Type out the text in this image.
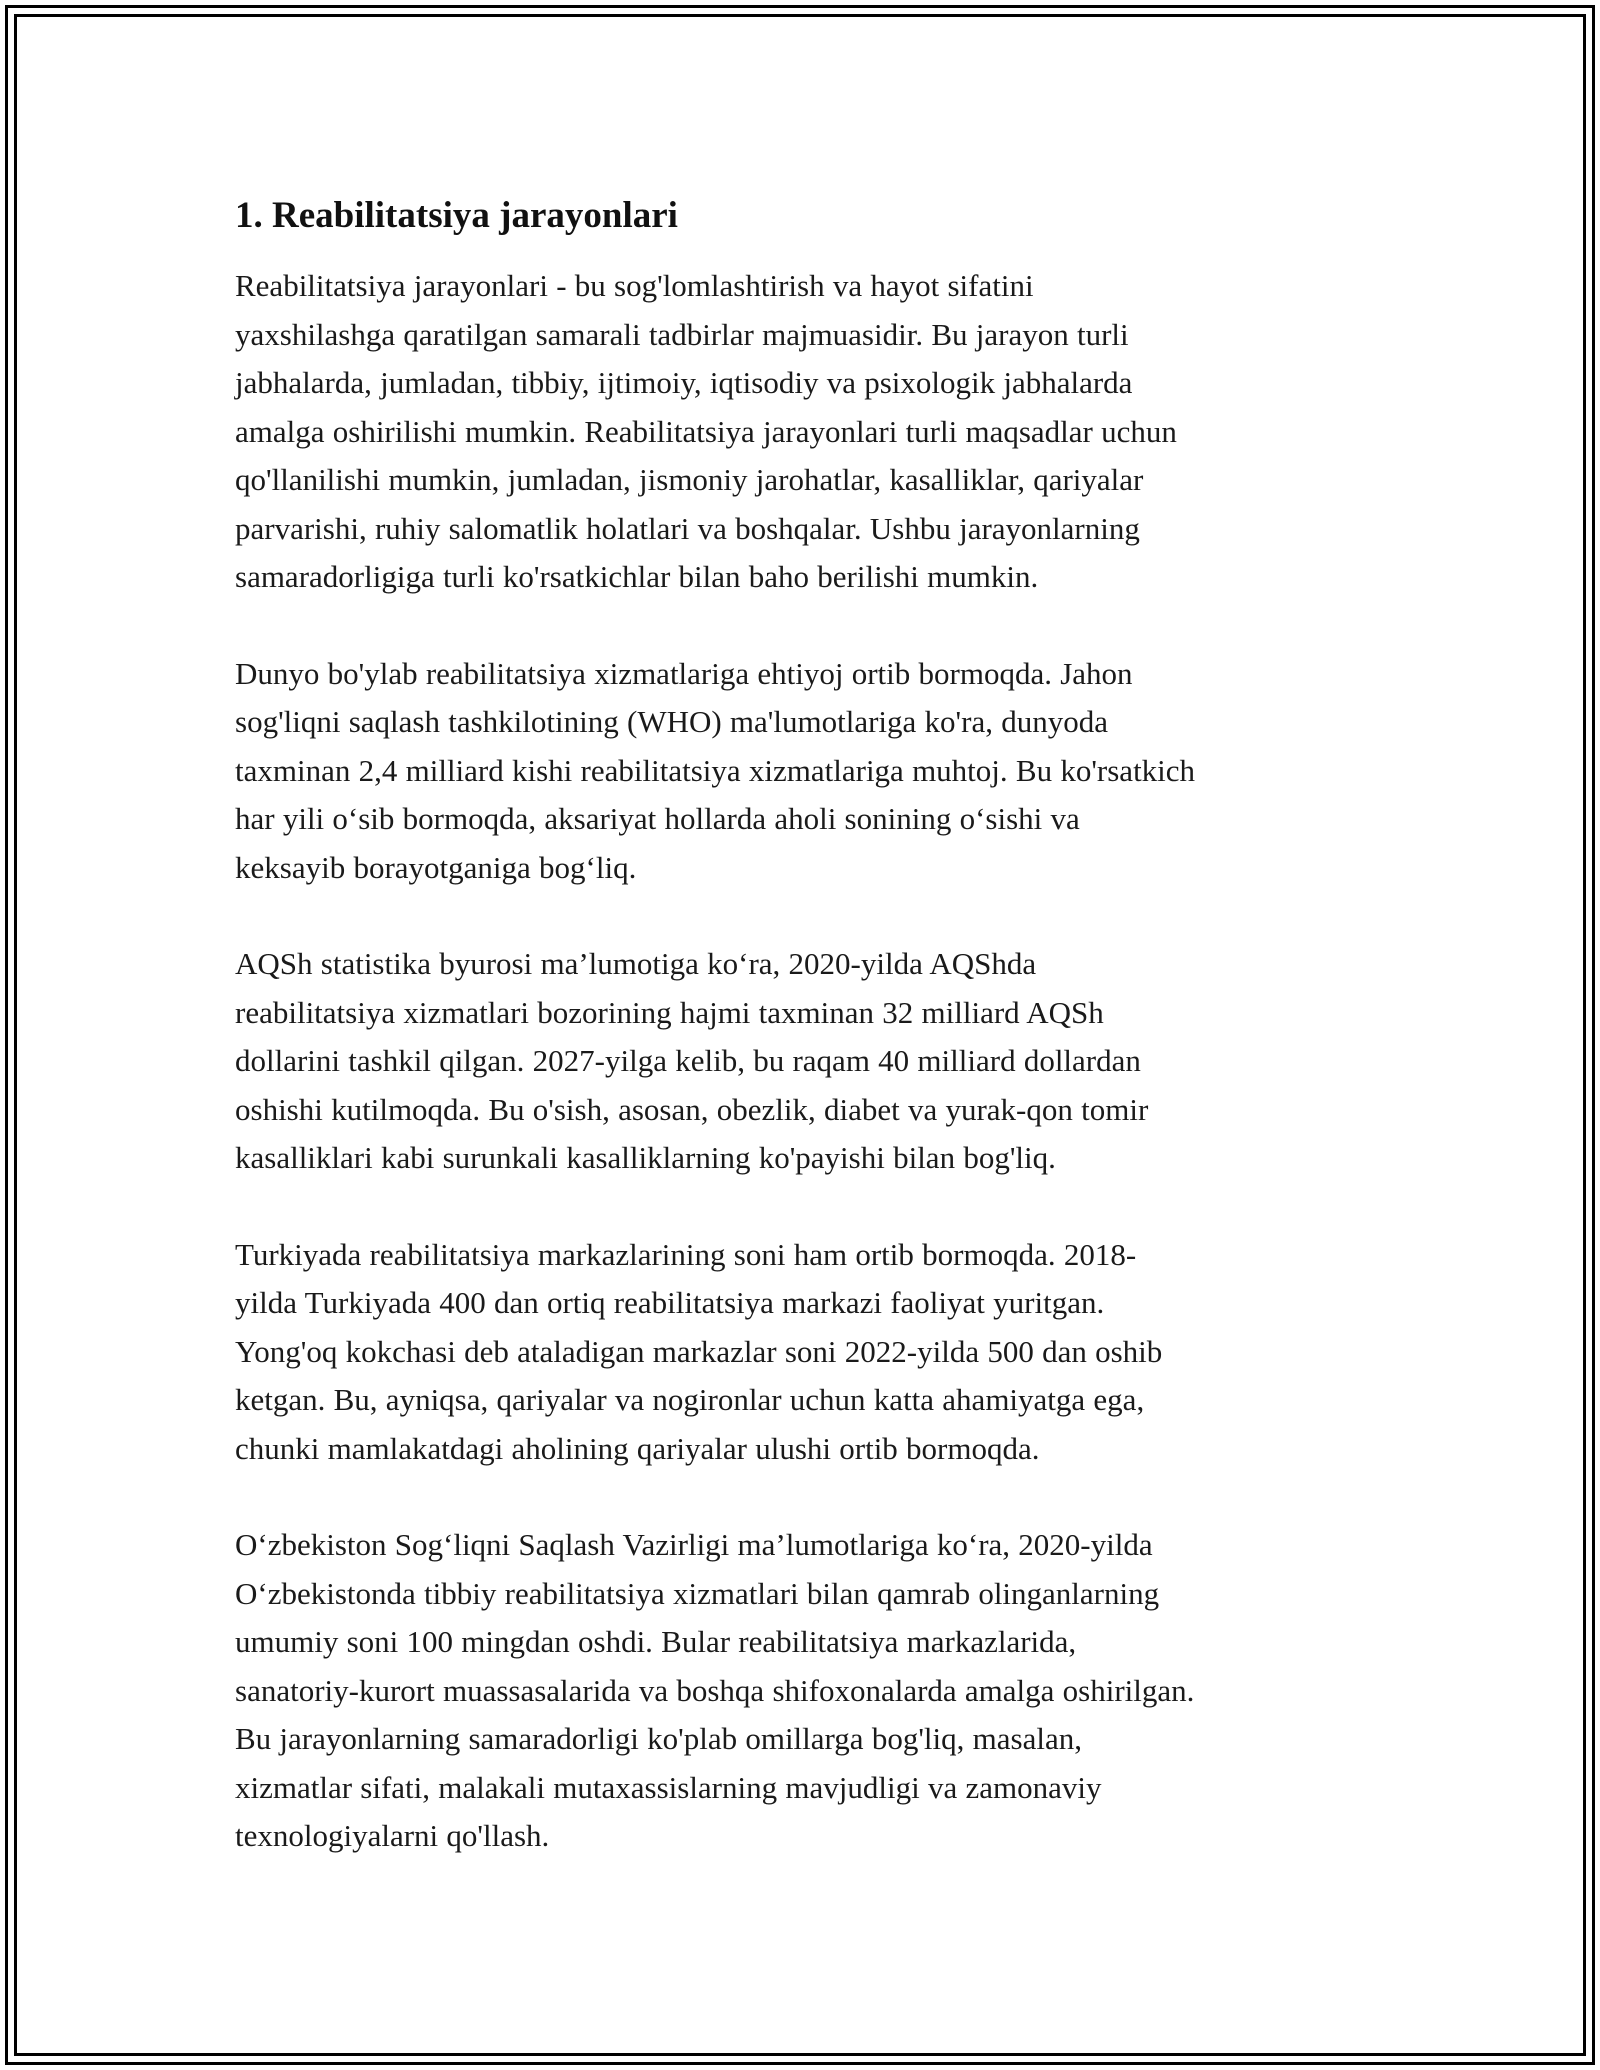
1. Reabilitatsiya jarayonlari

Reabilitatsiya jarayonlari - bu sog'lomlashtirish va hayot sifatini
yaxshilashga qaratilgan samarali tadbirlar majmuasidir. Bu jarayon turli
jabhalarda, jumladan, tibbiy, ijtimoiy, iqtisodiy va psixologik jabhalarda
amalga oshirilishi mumkin. Reabilitatsiya jarayonlari turli maqsadlar uchun
qo'llanilishi mumkin, jumladan, jismoniy jarohatlar, kasalliklar, qariyalar
parvarishi, ruhiy salomatlik holatlari va boshqalar. Ushbu jarayonlarning
samaradorligiga turli ko'rsatkichlar bilan baho berilishi mumkin.

Dunyo bo'ylab reabilitatsiya xizmatlariga ehtiyoj ortib bormoqda. Jahon
sog'liqni saqlash tashkilotining (WHO) ma'lumotlariga ko'ra, dunyoda
taxminan 2,4 milliard kishi reabilitatsiya xizmatlariga muhtoj. Bu ko'rsatkich
har yili o‘sib bormoqda, aksariyat hollarda aholi sonining o‘sishi va
keksayib borayotganiga bog‘liq.

AQSh statistika byurosi ma’lumotiga ko‘ra, 2020-yilda AQShda
reabilitatsiya xizmatlari bozorining hajmi taxminan 32 milliard AQSh
dollarini tashkil qilgan. 2027-yilga kelib, bu raqam 40 milliard dollardan
oshishi kutilmoqda. Bu o'sish, asosan, obezlik, diabet va yurak-qon tomir
kasalliklari kabi surunkali kasalliklarning ko'payishi bilan bog'liq.

Turkiyada reabilitatsiya markazlarining soni ham ortib bormoqda. 2018-
yilda Turkiyada 400 dan ortiq reabilitatsiya markazi faoliyat yuritgan.
Yong'oq kokchasi deb ataladigan markazlar soni 2022-yilda 500 dan oshib
ketgan. Bu, ayniqsa, qariyalar va nogironlar uchun katta ahamiyatga ega,
chunki mamlakatdagi aholining qariyalar ulushi ortib bormoqda.

O‘zbekiston Sog‘liqni Saqlash Vazirligi ma’lumotlariga ko‘ra, 2020-yilda
O‘zbekistonda tibbiy reabilitatsiya xizmatlari bilan qamrab olinganlarning
umumiy soni 100 mingdan oshdi. Bular reabilitatsiya markazlarida,
sanatoriy-kurort muassasalarida va boshqa shifoxonalarda amalga oshirilgan.
Bu jarayonlarning samaradorligi ko'plab omillarga bog'liq, masalan,
xizmatlar sifati, malakali mutaxassislarning mavjudligi va zamonaviy
texnologiyalarni qo'llash.
